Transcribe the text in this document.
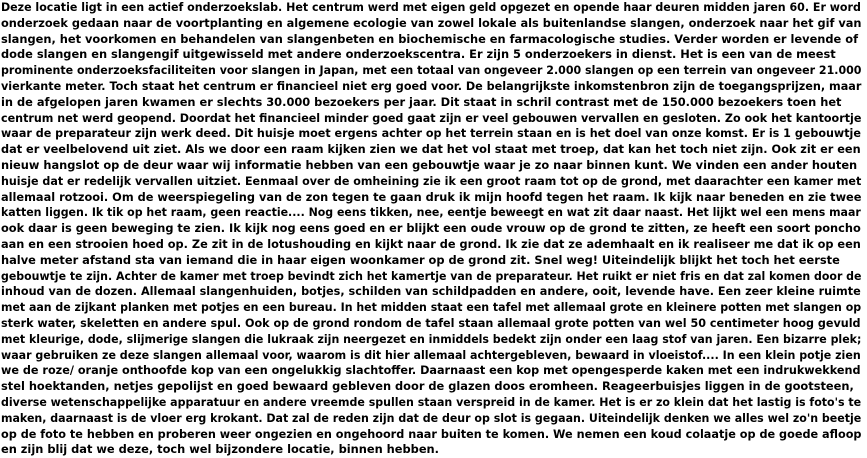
Deze locatie ligt in een actief onderzoekslab. Het centrum werd met eigen geld opgezet en opende haar deuren midden jaren 60. Er word
onderzoek gedaan naar de voortplanting en algemene ecologie van zowel lokale als buitenlandse slangen, onderzoek naar het gif van
slangen, het voorkomen en behandelen van slangenbeten en biochemische en farmacologische studies. Verder worden er levende of
dode slangen en slangengif uitgewisseld met andere onderzoekscentra. Er zijn 5 onderzoekers in dienst. Het is een van de meest
prominente onderzoeksfaciliteiten voor slangen in Japan, met een totaal van ongeveer 2.000 slangen op een terrein van ongeveer 21.000
vierkante meter. Toch staat het centrum er financieel niet erg goed voor. De belangrijkste inkomstenbron zijn de toegangsprijzen, maar
in de afgelopen jaren kwamen er slechts 30.000 bezoekers per jaar. Dit staat in schril contrast met de 150.000 bezoekers toen het
centrum net werd geopend. Doordat het financieel minder goed gaat zijn er veel gebouwen vervallen en gesloten. Zo ook het kantoortje
waar de preparateur zijn werk deed. Dit huisje moet ergens achter op het terrein staan en is het doel van onze komst. Er is 1 gebouwtje
dat er veelbelovend uit ziet. Als we door een raam kijken zien we dat het vol staat met troep, dat kan het toch niet zijn. Ook zit er een
nieuw hangslot op de deur waar wij informatie hebben van een gebouwtje waar je zo naar binnen kunt. We vinden een ander houten
huisje dat er redelijk vervallen uitziet. Eenmaal over de omheining zie ik een groot raam tot op de grond, met daarachter een kamer met
allemaal rotzooi. Om de weerspiegeling van de zon tegen te gaan druk ik mijn hoofd tegen het raam. Ik kijk naar beneden en zie twee
katten liggen. Ik tik op het raam, geen reactie.... Nog eens tikken, nee, eentje beweegt en wat zit daar naast. Het lijkt wel een mens maar
ook daar is geen beweging te zien. Ik kijk nog eens goed en er blijkt een oude vrouw op de grond te zitten, ze heeft een soort poncho
aan en een strooien hoed op. Ze zit in de lotushouding en kijkt naar de grond. Ik zie dat ze ademhaalt en ik realiseer me dat ik op een
halve meter afstand sta van iemand die in haar eigen woonkamer op de grond zit. Snel weg! Uiteindelijk blijkt het toch het eerste
gebouwtje te zijn. Achter de kamer met troep bevindt zich het kamertje van de preparateur. Het ruikt er niet fris en dat zal komen door de
inhoud van de dozen. Allemaal slangenhuiden, botjes, schilden van schildpadden en andere, ooit, levende have. Een zeer kleine ruimte
met aan de zijkant planken met potjes en een bureau. In het midden staat een tafel met allemaal grote en kleinere potten met slangen op
sterk water, skeletten en andere spul. Ook op de grond rondom de tafel staan allemaal grote potten van wel 50 centimeter hoog gevuld
met kleurige, dode, slijmerige slangen die lukraak zijn neergezet en inmiddels bedekt zijn onder een laag stof van jaren. Een bizarre plek;
waar gebruiken ze deze slangen allemaal voor, waarom is dit hier allemaal achtergebleven, bewaard in vloeistof.... In een klein potje zien
we de roze/ oranje onthoofde kop van een ongelukkig slachtoffer. Daarnaast een kop met opengesperde kaken met een indrukwekkend
stel hoektanden, netjes gepolijst en goed bewaard gebleven door de glazen doos eromheen. Reageerbuisjes liggen in de gootsteen,
diverse wetenschappelijke apparatuur en andere vreemde spullen staan verspreid in de kamer. Het is er zo klein dat het lastig is foto's te
maken, daarnaast is de vloer erg krokant. Dat zal de reden zijn dat de deur op slot is gegaan. Uiteindelijk denken we alles wel zo'n beetje
op de foto te hebben en proberen weer ongezien en ongehoord naar buiten te komen. We nemen een koud colaatje op de goede afloop
en zijn blij dat we deze, toch wel bijzondere locatie, binnen hebben.
